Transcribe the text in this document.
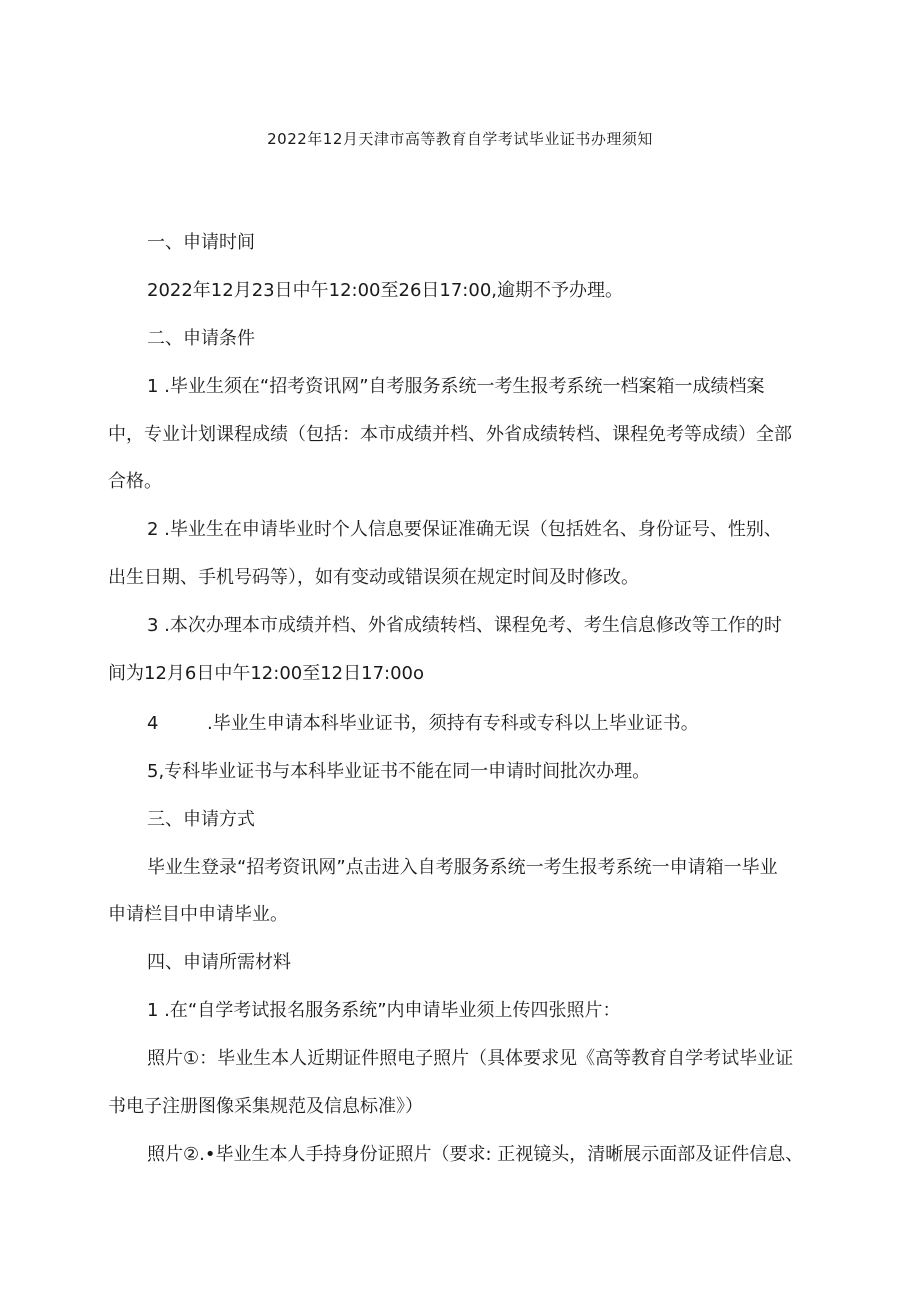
2022年12月天津市高等教育自学考试毕业证书办理须知
一、申请时间
2022年12月23日中午12:00至26日17:00,逾期不予办理。
二、申请条件
1 .毕业生须在“招考资讯网”自考服务系统一考生报考系统一档案箱一成绩档案
中，专业计划课程成绩（包括：本市成绩并档、外省成绩转档、课程免考等成绩）全部
合格。
2 .毕业生在申请毕业时个人信息要保证准确无误（包括姓名、身份证号、性别、
出生日期、手机号码等），如有变动或错误须在规定时间及时修改。
3 .本次办理本市成绩并档、外省成绩转档、课程免考、考生信息修改等工作的时
间为12月6日中午12:00至12日17:00o
4	.毕业生申请本科毕业证书，须持有专科或专科以上毕业证书。
5,专科毕业证书与本科毕业证书不能在同一申请时间批次办理。
三、申请方式
毕业生登录“招考资讯网”点击进入自考服务系统一考生报考系统一申请箱一毕业
申请栏目中申请毕业。
四、申请所需材料
1 .在“自学考试报名服务系统”内申请毕业须上传四张照片：
照片①：毕业生本人近期证件照电子照片（具体要求见《高等教育自学考试毕业证
书电子注册图像采集规范及信息标准》）
照片②.•毕业生本人手持身份证照片（要求: 正视镜头，清晰展示面部及证件信息、
